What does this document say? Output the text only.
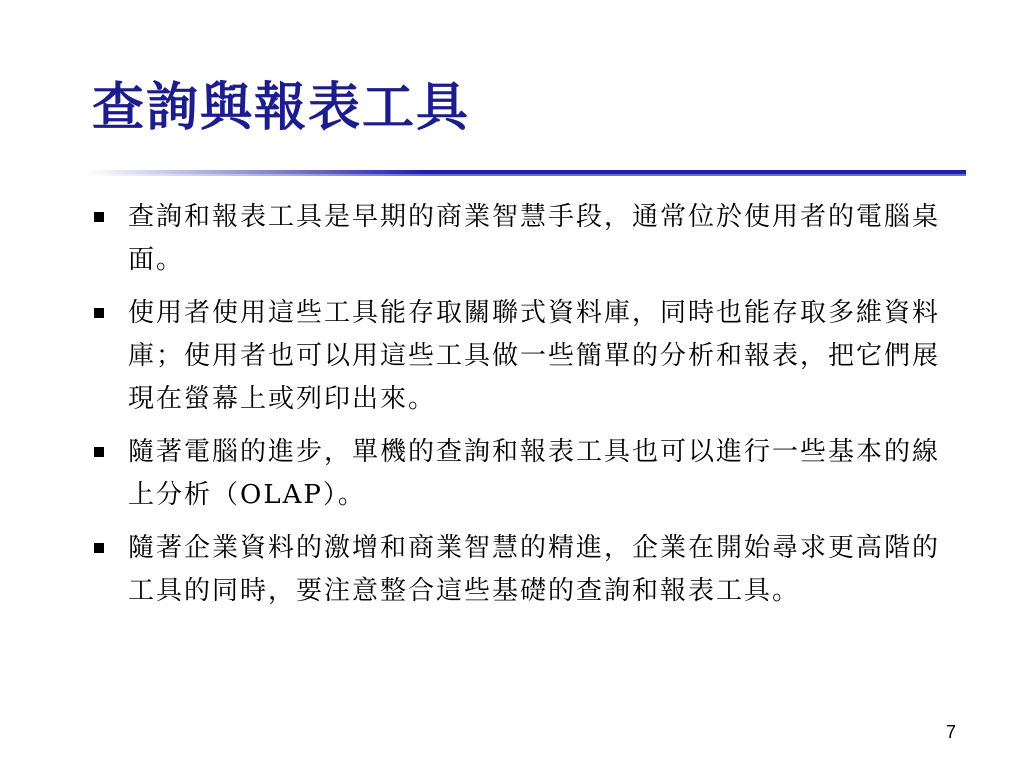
查詢與報表工具
查詢和報表工具是早期的商業智慧手段，通常位於使用者的電腦桌面。
使用者使用這些工具能存取關聯式資料庫，同時也能存取多維資料庫；使用者也可以用這些工具做一些簡單的分析和報表，把它們展現在螢幕上或列印出來。
隨著電腦的進步，單機的查詢和報表工具也可以進行一些基本的線上分析（OLAP）。
隨著企業資料的激增和商業智慧的精進，企業在開始尋求更高階的工具的同時，要注意整合這些基礎的查詢和報表工具。
7
